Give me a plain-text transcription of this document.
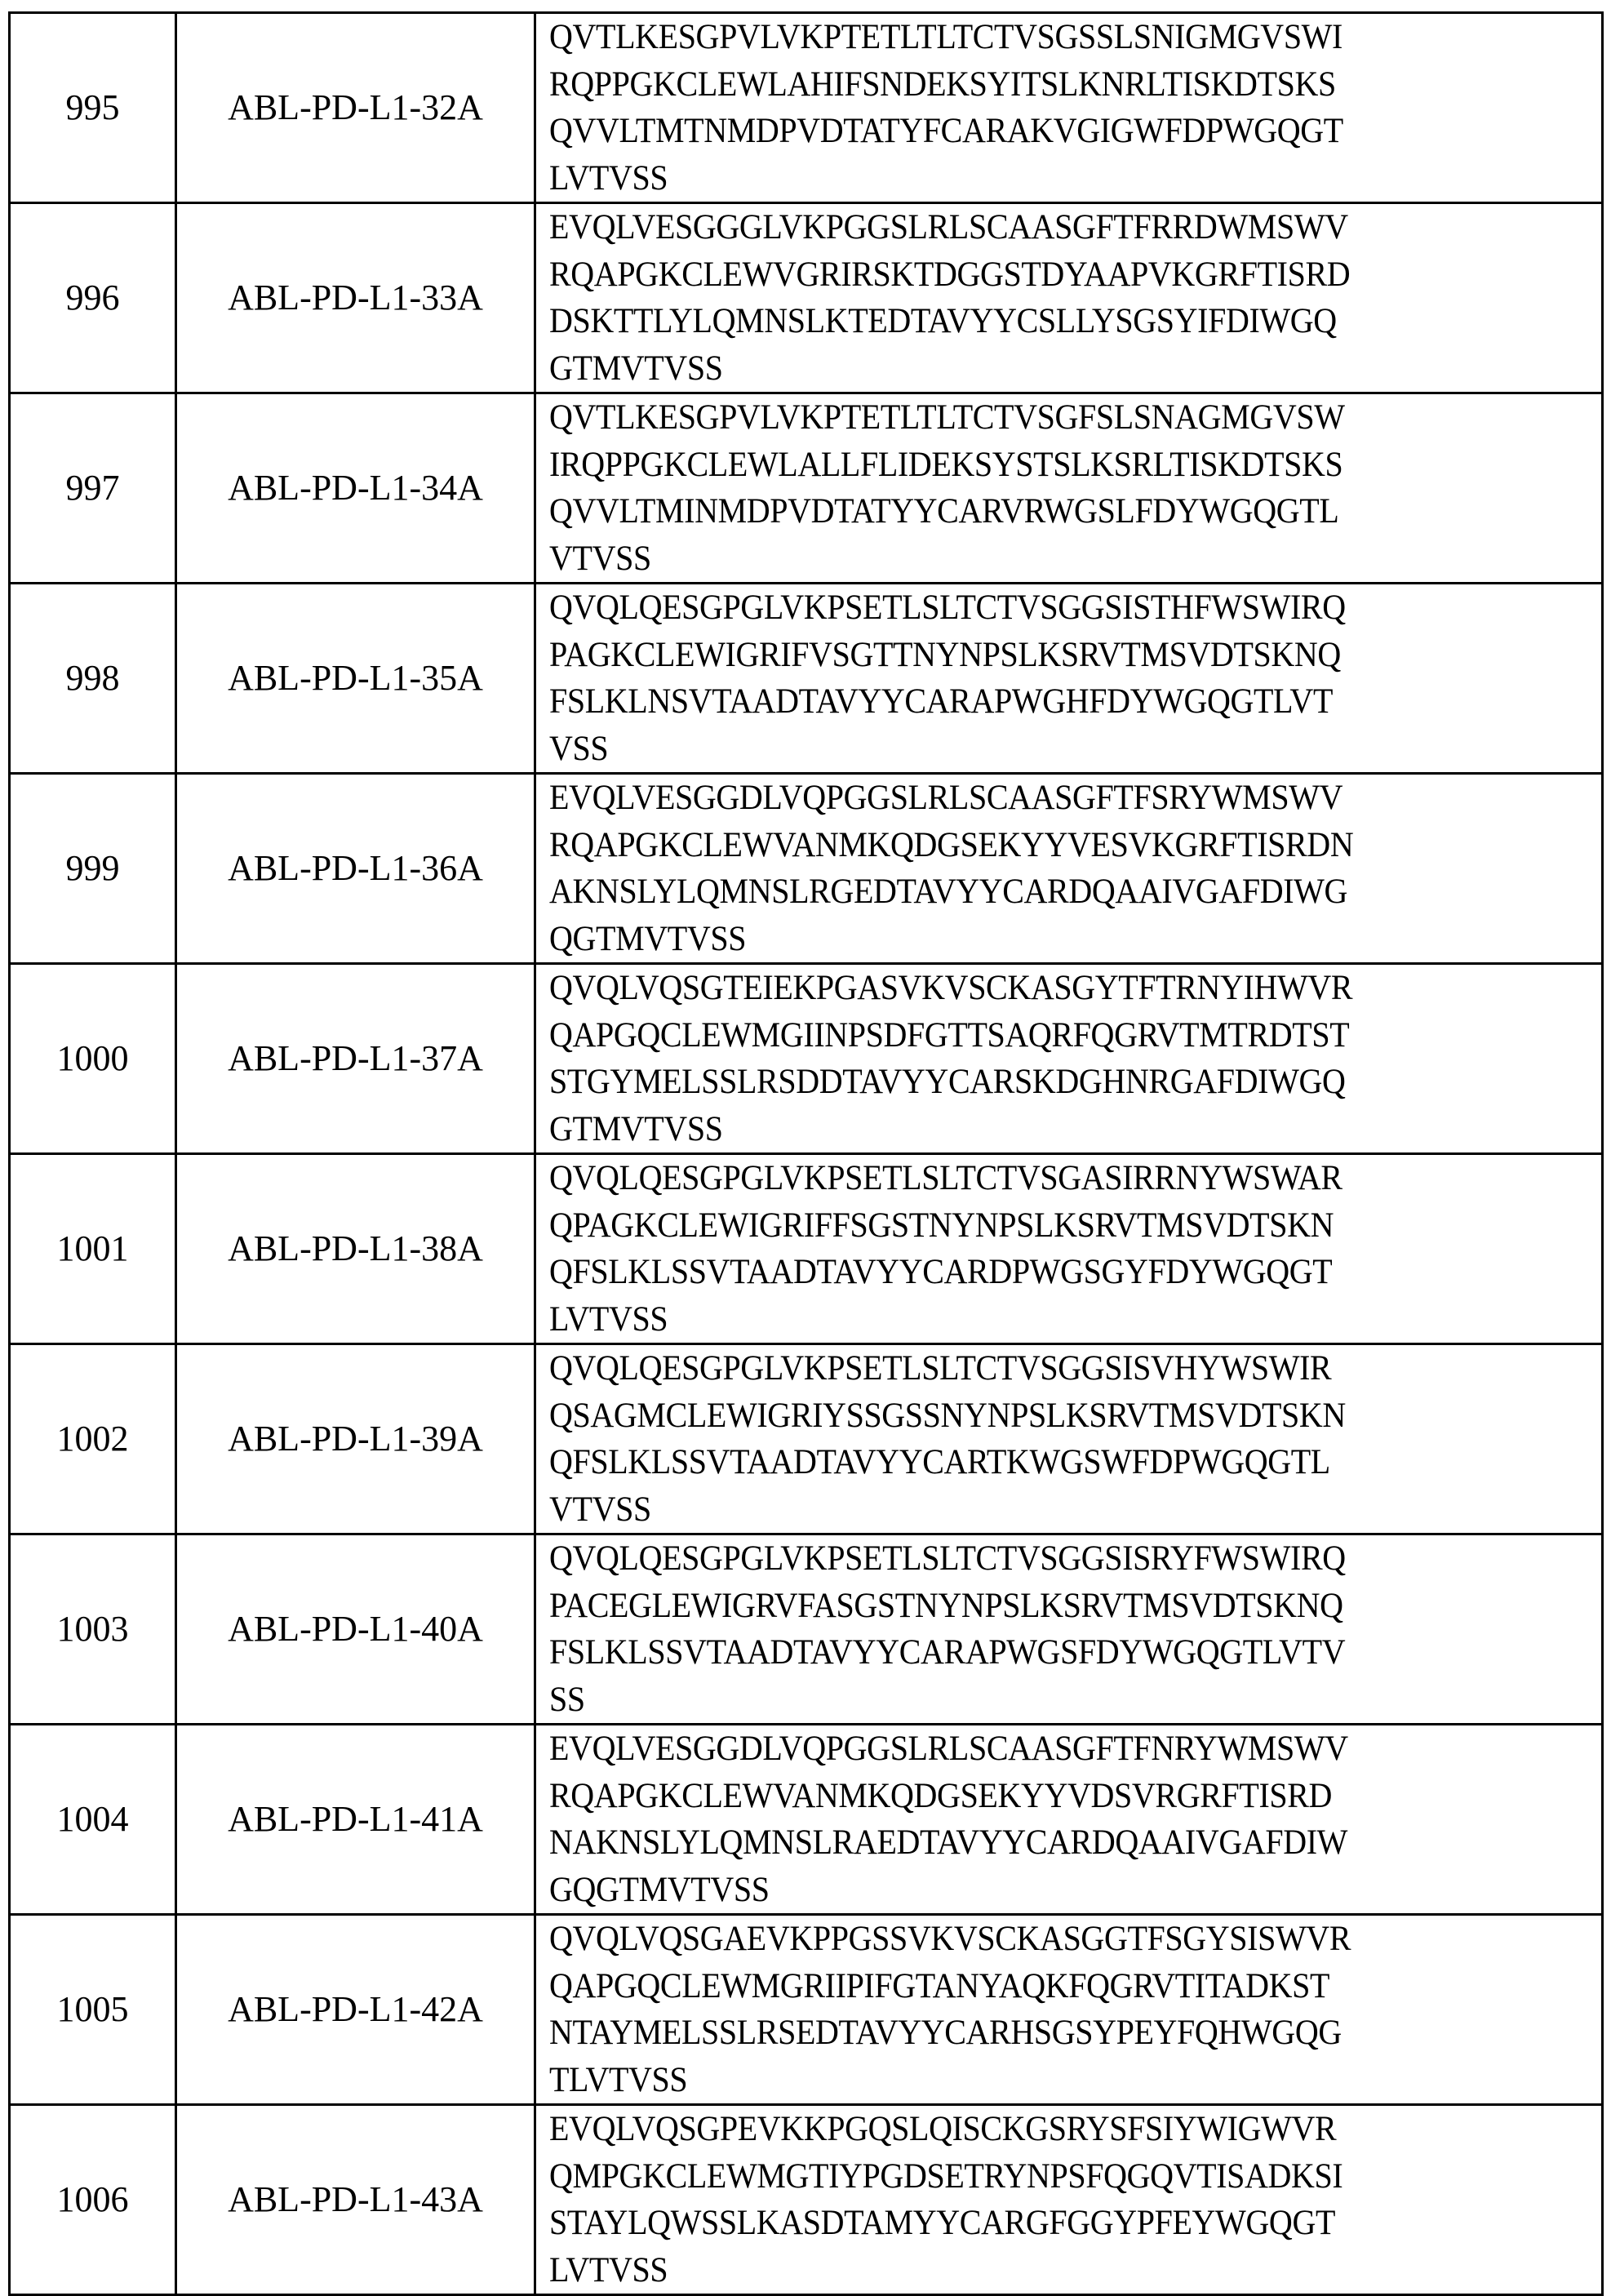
995	ABL-PD-L1-32A	QVTLKESGPVLVKPTETLTLTCTVSGSSLSNIGMGVSWI
RQPPGKCLEWLAHIFSNDEKSYITSLKNRLTISKDTSKS
QVVLTMTNMDPVDTATYFCARAKVGIGWFDPWGQGT
LVTVSS

996	ABL-PD-L1-33A	EVQLVESGGGLVKPGGSLRLSCAASGFTFRRDWMSWV
RQAPGKCLEWVGRIRSKTDGGSTDYAAPVKGRFTISRD
DSKTTLYLQMNSLKTEDTAVYYCSLLYSGSYIFDIWGQ
GTMVTVSS

997	ABL-PD-L1-34A	QVTLKESGPVLVKPTETLTLTCTVSGFSLSNAGMGVSW
IRQPPGKCLEWLALLFLIDEKSYSTSLKSRLTISKDTSKS
QVVLTMINMDPVDTATYYCARVRWGSLFDYWGQGTL
VTVSS

998	ABL-PD-L1-35A	QVQLQESGPGLVKPSETLSLTCTVSGGSISTHFWSWIRQ
PAGKCLEWIGRIFVSGTTNYNPSLKSRVTMSVDTSKNQ
FSLKLNSVTAADTAVYYCARAPWGHFDYWGQGTLVT
VSS

999	ABL-PD-L1-36A	EVQLVESGGDLVQPGGSLRLSCAASGFTFSRYWMSWV
RQAPGKCLEWVANMKQDGSEKYYVESVKGRFTISRDN
AKNSLYLQMNSLRGEDTAVYYCARDQAAIVGAFDIWG
QGTMVTVSS

1000	ABL-PD-L1-37A	QVQLVQSGTEIEKPGASVKVSCKASGYTFTRNYIHWVR
QAPGQCLEWMGIINPSDFGTTSAQRFQGRVTMTRDTST
STGYMELSSLRSDDTAVYYCARSKDGHNRGAFDIWGQ
GTMVTVSS

1001	ABL-PD-L1-38A	QVQLQESGPGLVKPSETLSLTCTVSGASIRRNYWSWAR
QPAGKCLEWIGRIFFSGSTNYNPSLKSRVTMSVDTSKN
QFSLKLSSVTAADTAVYYCARDPWGSGYFDYWGQGT
LVTVSS

1002	ABL-PD-L1-39A	QVQLQESGPGLVKPSETLSLTCTVSGGSISVHYWSWIR
QSAGMCLEWIGRIYSSGSSNYNPSLKSRVTMSVDTSKN
QFSLKLSSVTAADTAVYYCARTKWGSWFDPWGQGTL
VTVSS

1003	ABL-PD-L1-40A	QVQLQESGPGLVKPSETLSLTCTVSGGSISRYFWSWIRQ
PACEGLEWIGRVFASGSTNYNPSLKSRVTMSVDTSKNQ
FSLKLSSVTAADTAVYYCARAPWGSFDYWGQGTLVTV
SS

1004	ABL-PD-L1-41A	EVQLVESGGDLVQPGGSLRLSCAASGFTFNRYWMSWV
RQAPGKCLEWVANMKQDGSEKYYVDSVRGRFTISRD
NAKNSLYLQMNSLRAEDTAVYYCARDQAAIVGAFDIW
GQGTMVTVSS

1005	ABL-PD-L1-42A	QVQLVQSGAEVKPPGSSVKVSCKASGGTFSGYSISWVR
QAPGQCLEWMGRIIPIFGTANYAQKFQGRVTITADKST
NTAYMELSSLRSEDTAVYYCARHSGSYPEYFQHWGQG
TLVTVSS

1006	ABL-PD-L1-43A	EVQLVQSGPEVKKPGQSLQISCKGSRYSFSIYWIGWVR
QMPGKCLEWMGTIYPGDSETRYNPSFQGQVTISADKSI
STAYLQWSSLKASDTAMYYCARGFGGYPFEYWGQGT
LVTVSS
